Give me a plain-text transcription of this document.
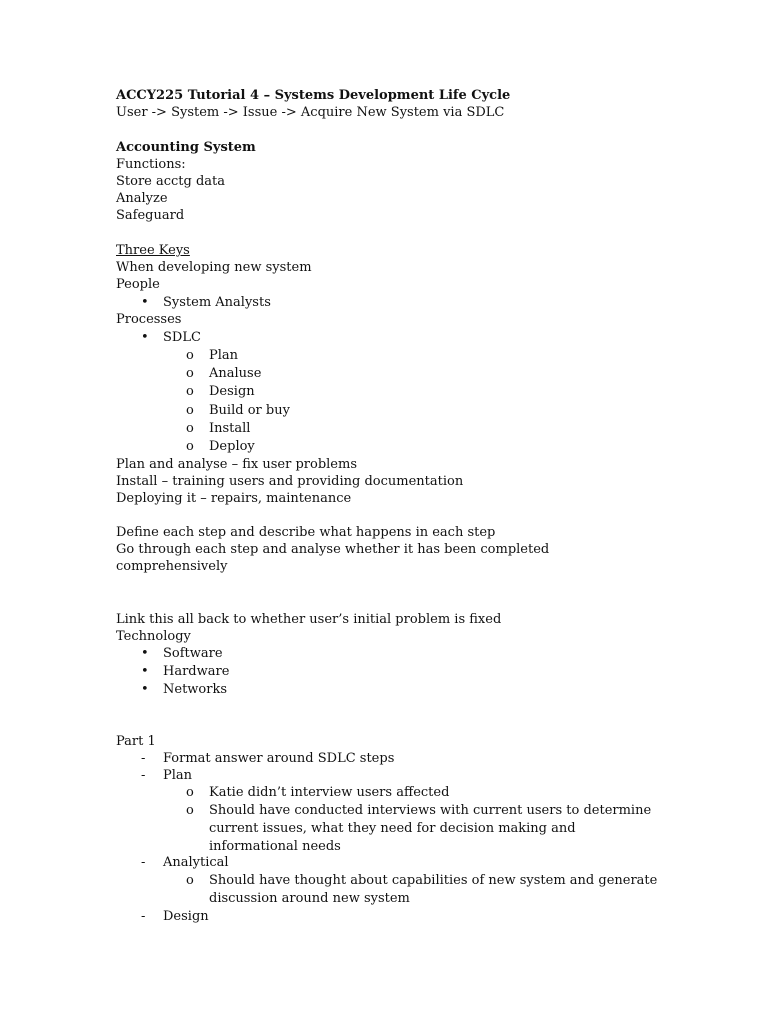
ACCY225 Tutorial 4 – Systems Development Life Cycle
User -> System -> Issue -> Acquire New System via SDLC
Accounting System
Functions:
Store acctg data
Analyze
Safeguard
Three Keys
When developing new system
People
• System Analysts
Processes
• SDLC
o Plan
o Analuse
o Design
o Build or buy
o Install
o Deploy
Plan and analyse – fix user problems
Install – training users and providing documentation
Deploying it – repairs, maintenance
Define each step and describe what happens in each step
Go through each step and analyse whether it has been completed
comprehensively
Link this all back to whether user’s initial problem is fixed
Technology
• Software
• Hardware
• Networks
Part 1
- Format answer around SDLC steps
- Plan
o Katie didn’t interview users affected
o Should have conducted interviews with current users to determine
current issues, what they need for decision making and
informational needs
- Analytical
o Should have thought about capabilities of new system and generate
discussion around new system
- Design
